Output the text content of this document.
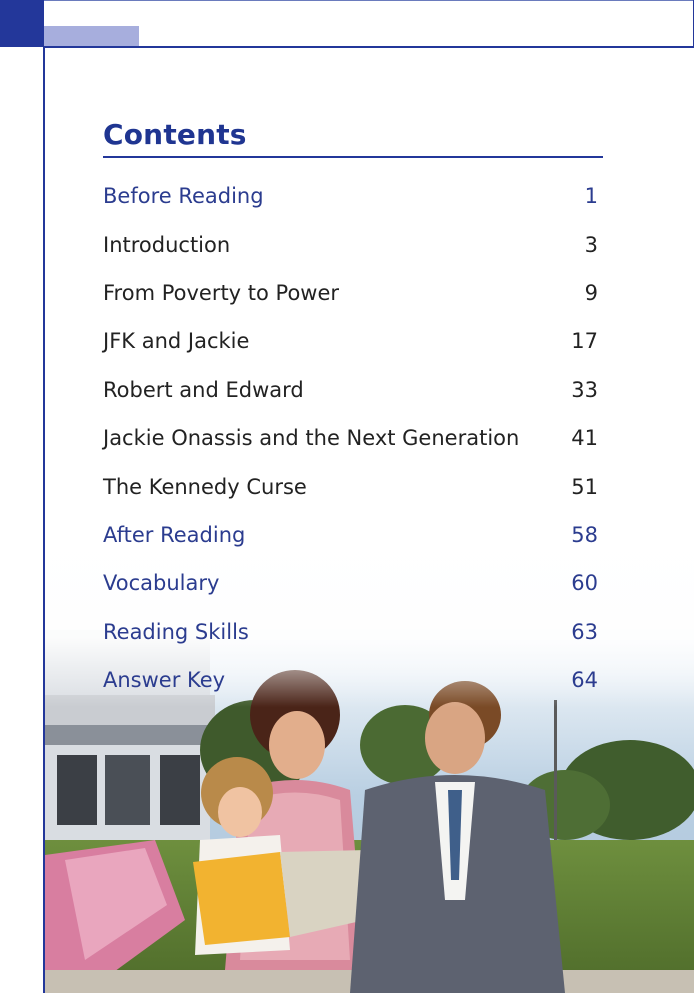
Contents
Before Reading	1
Introduction	3
From Poverty to Power	9
JFK and Jackie	17
Robert and Edward	33
Jackie Onassis and the Next Generation 41
The Kennedy Curse	51
After Reading	58
Vocabulary	60
Reading Skills	63
Answer Key	64
